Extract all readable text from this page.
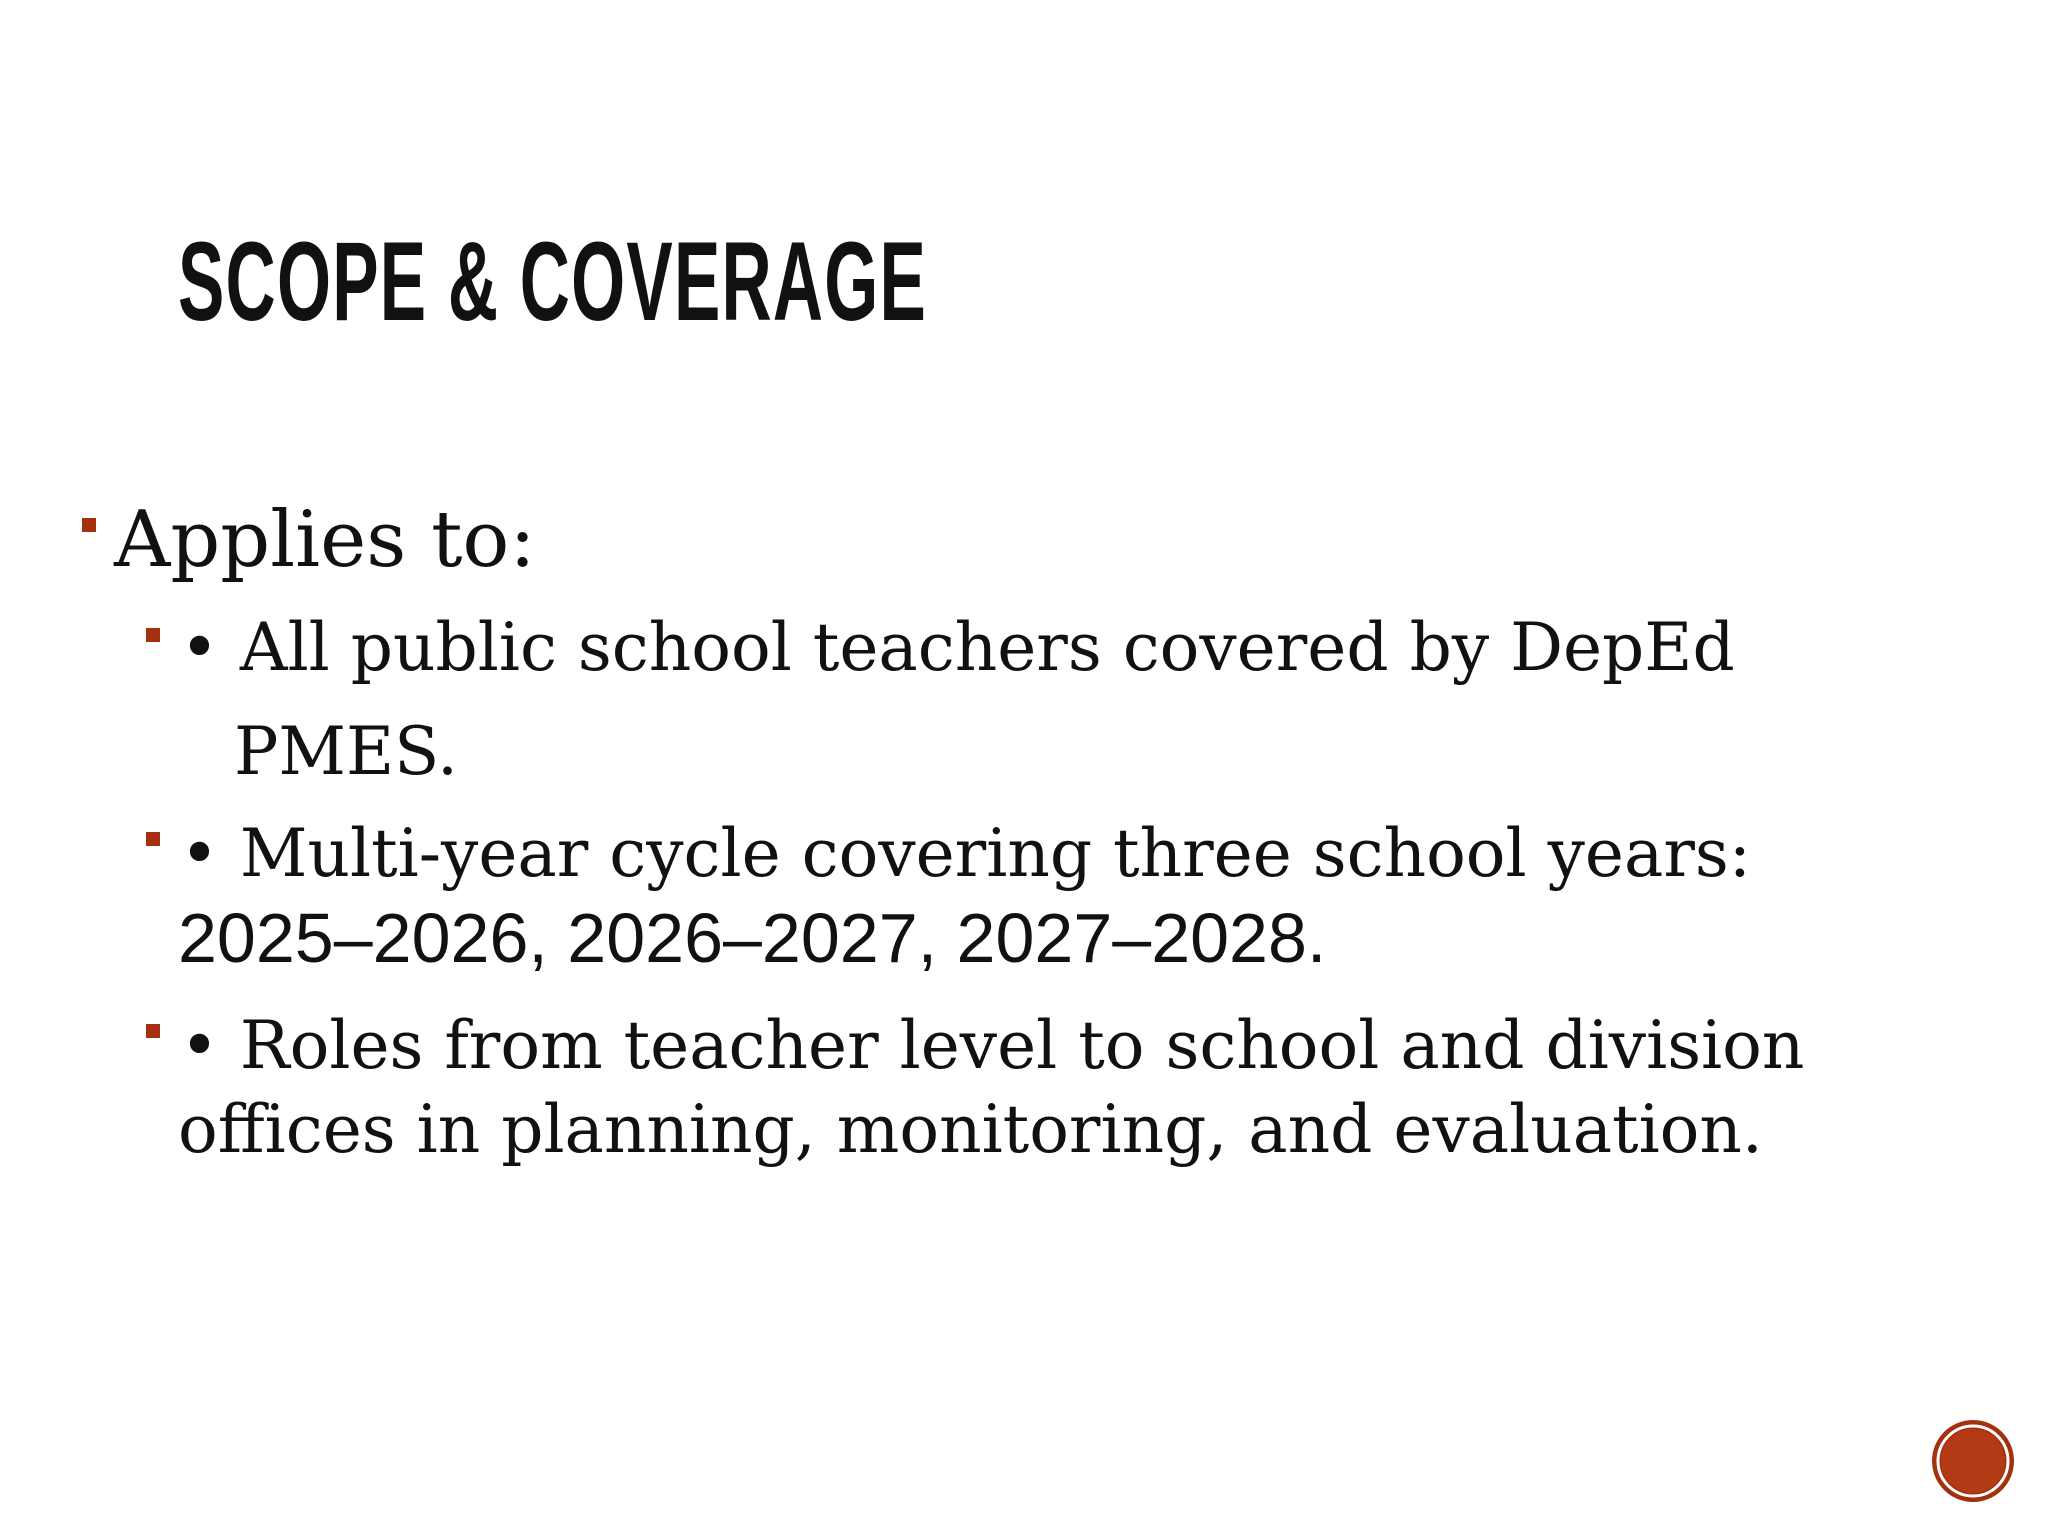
SCOPE & COVERAGE
Applies to:
• All public school teachers covered by DepEd
PMES.
• Multi-year cycle covering three school years:
2025–2026, 2026–2027, 2027–2028.
• Roles from teacher level to school and division
offices in planning, monitoring, and evaluation.
